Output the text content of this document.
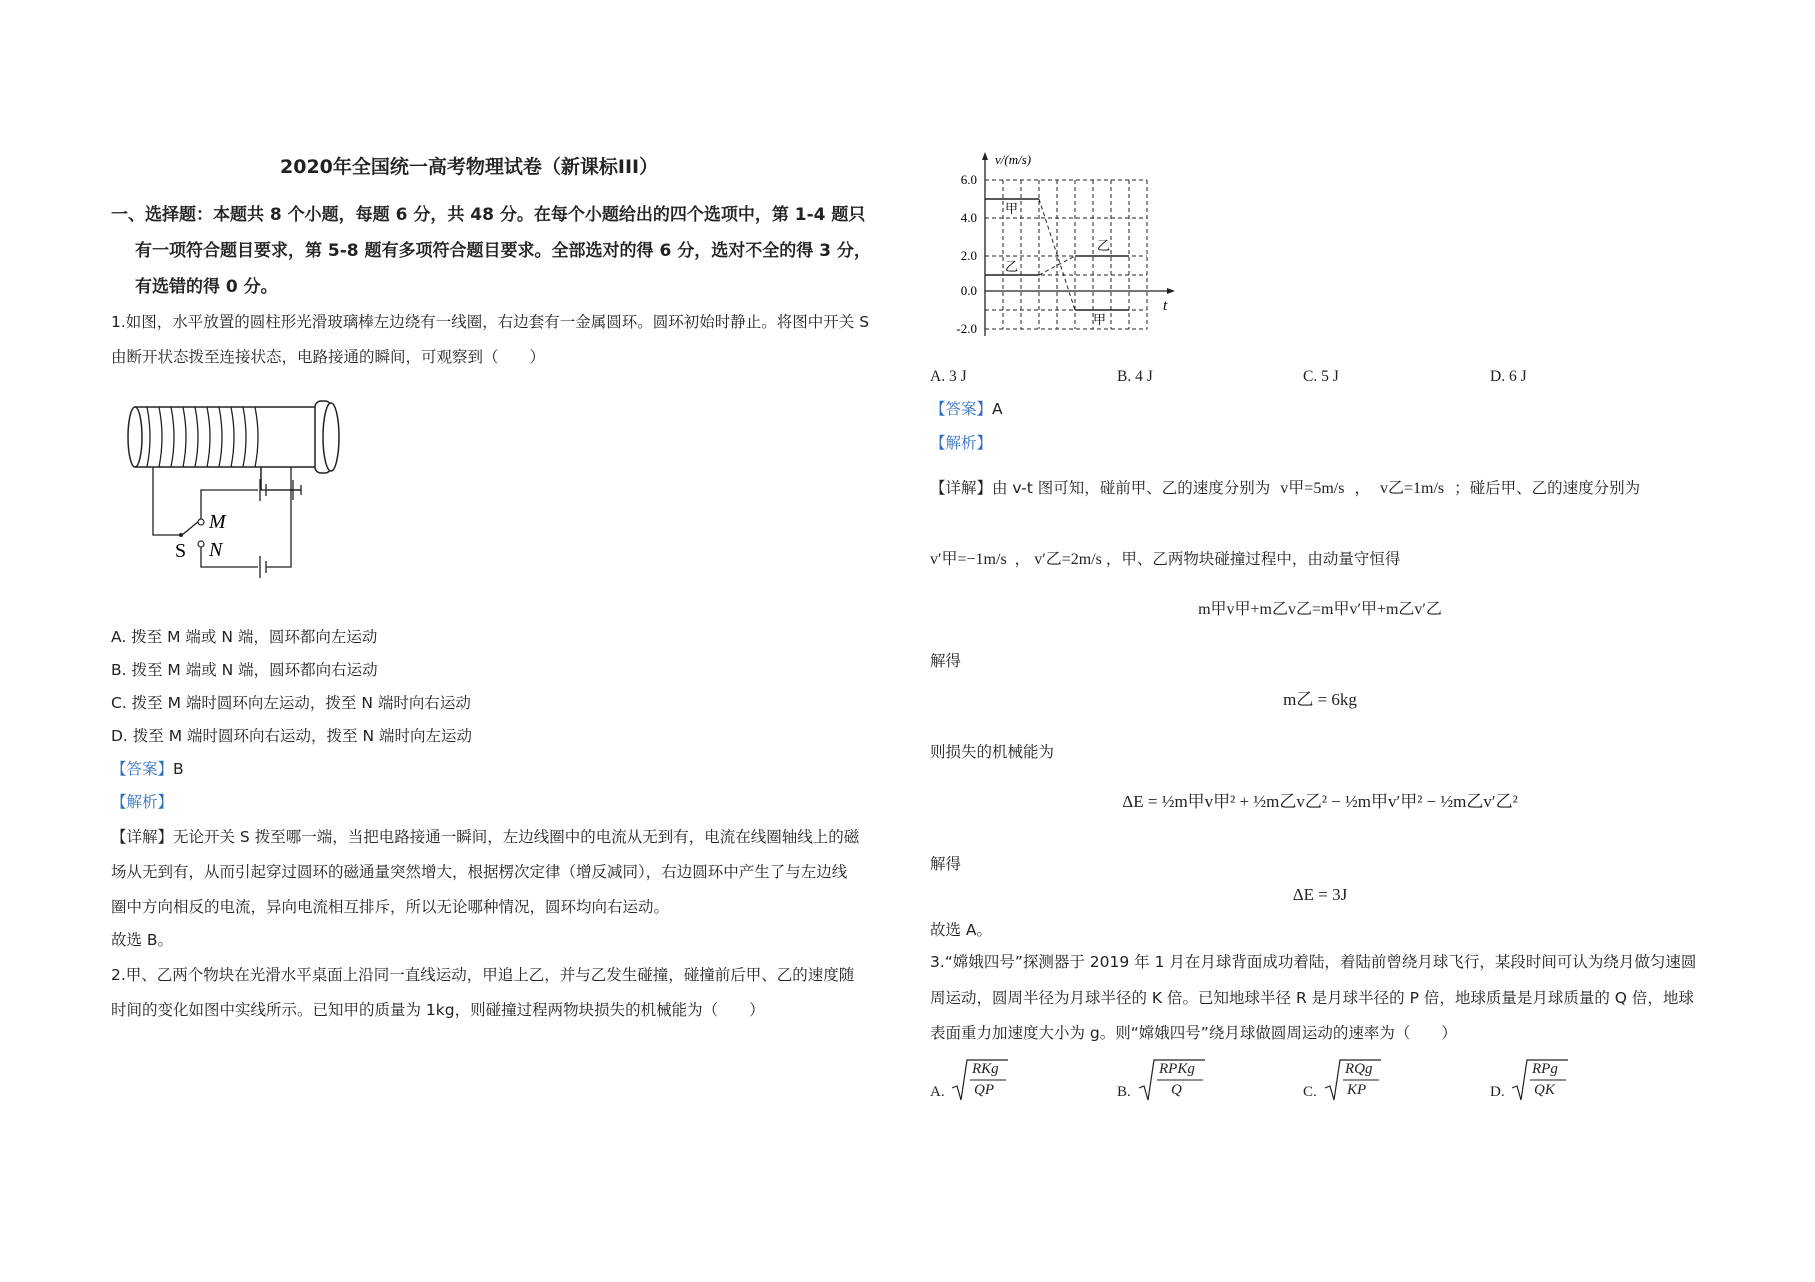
2020年全国统一高考物理试卷（新课标III）
一、选择题：本题共 8 个小题，每题 6 分，共 48 分。在每个小题给出的四个选项中，第 1-4 题只
有一项符合题目要求，第 5-8 题有多项符合题目要求。全部选对的得 6 分，选对不全的得 3 分，
有选错的得 0 分。
1.如图，水平放置的圆柱形光滑玻璃棒左边绕有一线圈，右边套有一金属圆环。圆环初始时静止。将图中开关 S
由断开状态拨至连接状态，电路接通的瞬间，可观察到（　　）
M
N
S
A. 拨至 M 端或 N 端，圆环都向左运动
B. 拨至 M 端或 N 端，圆环都向右运动
C. 拨至 M 端时圆环向左运动，拨至 N 端时向右运动
D. 拨至 M 端时圆环向右运动，拨至 N 端时向左运动
【答案】B
【解析】
【详解】无论开关 S 拨至哪一端，当把电路接通一瞬间，左边线圈中的电流从无到有，电流在线圈轴线上的磁
场从无到有，从而引起穿过圆环的磁通量突然增大，根据楞次定律（增反减同），右边圆环中产生了与左边线
圈中方向相反的电流，异向电流相互排斥，所以无论哪种情况，圆环均向右运动。
故选 B。
2.甲、乙两个物块在光滑水平桌面上沿同一直线运动，甲追上乙，并与乙发生碰撞，碰撞前后甲、乙的速度随
时间的变化如图中实线所示。已知甲的质量为 1kg，则碰撞过程两物块损失的机械能为（　　）
v/(m/s)
t
6.0
4.0
2.0
0.0
-2.0
甲
乙
乙
甲
A. 3 J	B. 4 J	C. 5 J	D. 6 J
【答案】A
【解析】
【详解】由 v-t 图可知，碰前甲、乙的速度分别为 v甲=5m/s ， v乙=1m/s ；碰后甲、乙的速度分别为
v′甲=−1m/s ， v′乙=2m/s ，甲、乙两物块碰撞过程中，由动量守恒得
m甲v甲+m乙v乙=m甲v′甲+m乙v′乙
解得
m乙 = 6kg
则损失的机械能为
ΔE = ½m甲v甲² + ½m乙v乙² − ½m甲v′甲² − ½m乙v′乙²
解得
ΔE = 3J
故选 A。
3.“嫦娥四号”探测器于 2019 年 1 月在月球背面成功着陆，着陆前曾绕月球飞行，某段时间可认为绕月做匀速圆
周运动，圆周半径为月球半径的 K 倍。已知地球半径 R 是月球半径的 P 倍，地球质量是月球质量的 Q 倍，地球
表面重力加速度大小为 g。则“嫦娥四号”绕月球做圆周运动的速率为（　　）
A.
RKg
QP	B.
RPKg
Q	C.
RQg
KP	D.
RPg
QK
